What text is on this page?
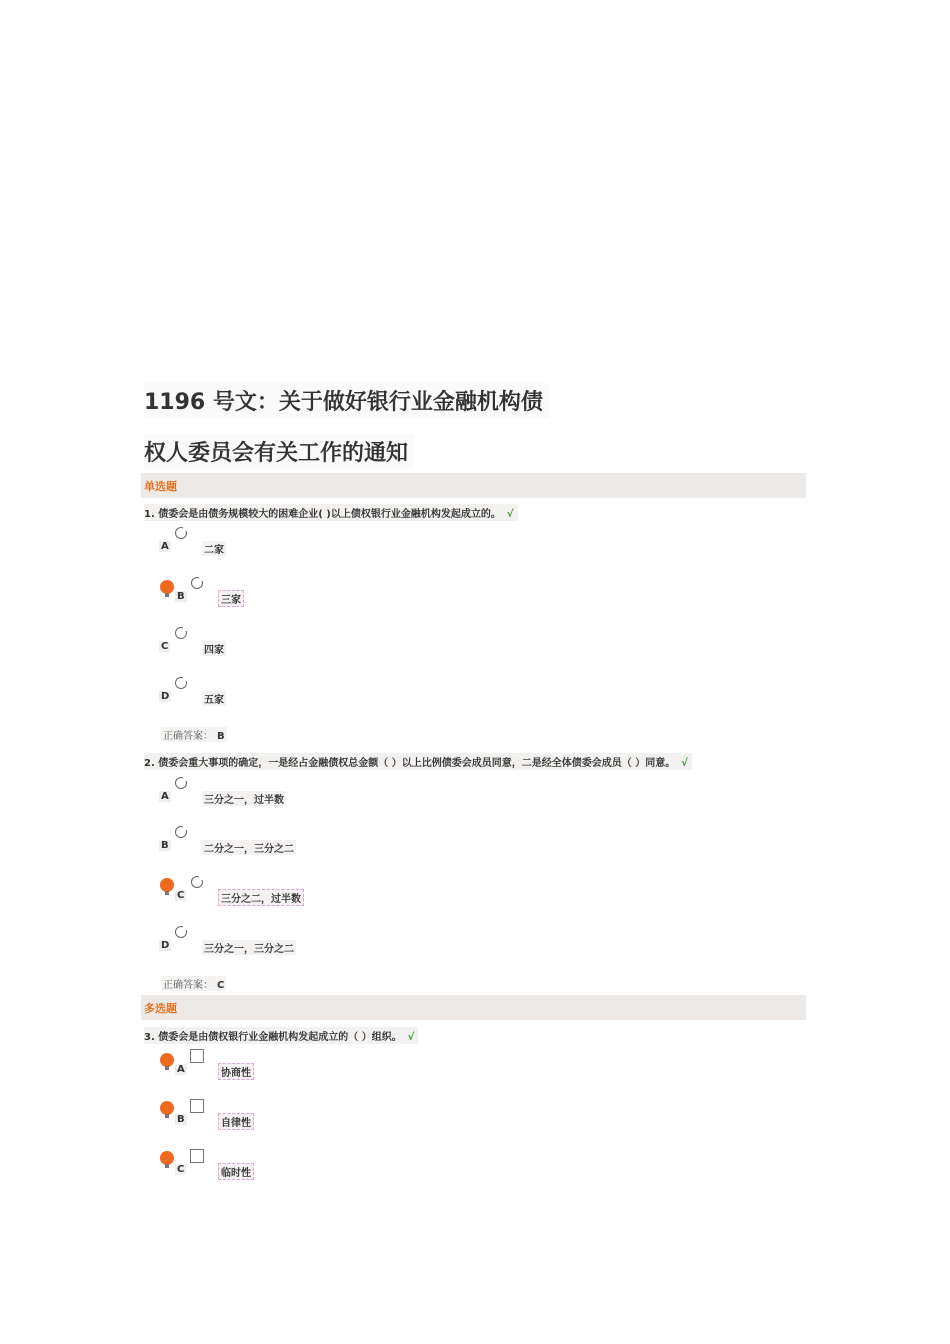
1196 号文：关于做好银行业金融机构债
权人委员会有关工作的通知
单选题
1. 债委会是由债务规模较大的困难企业( )以上债权银行业金融机构发起成立的。 √
A	二家
B	三家
C	四家
D	五家
正确答案： B
2. 债委会重大事项的确定，一是经占金融债权总金额（ ）以上比例债委会成员同意，二是经全体债委会成员（ ）同意。 √
A	三分之一，过半数
B	二分之一，三分之二
C	三分之二，过半数
D	三分之一，三分之二
正确答案： C
多选题
3. 债委会是由债权银行业金融机构发起成立的（ ）组织。 √
A	协商性
B	自律性
C	临时性
